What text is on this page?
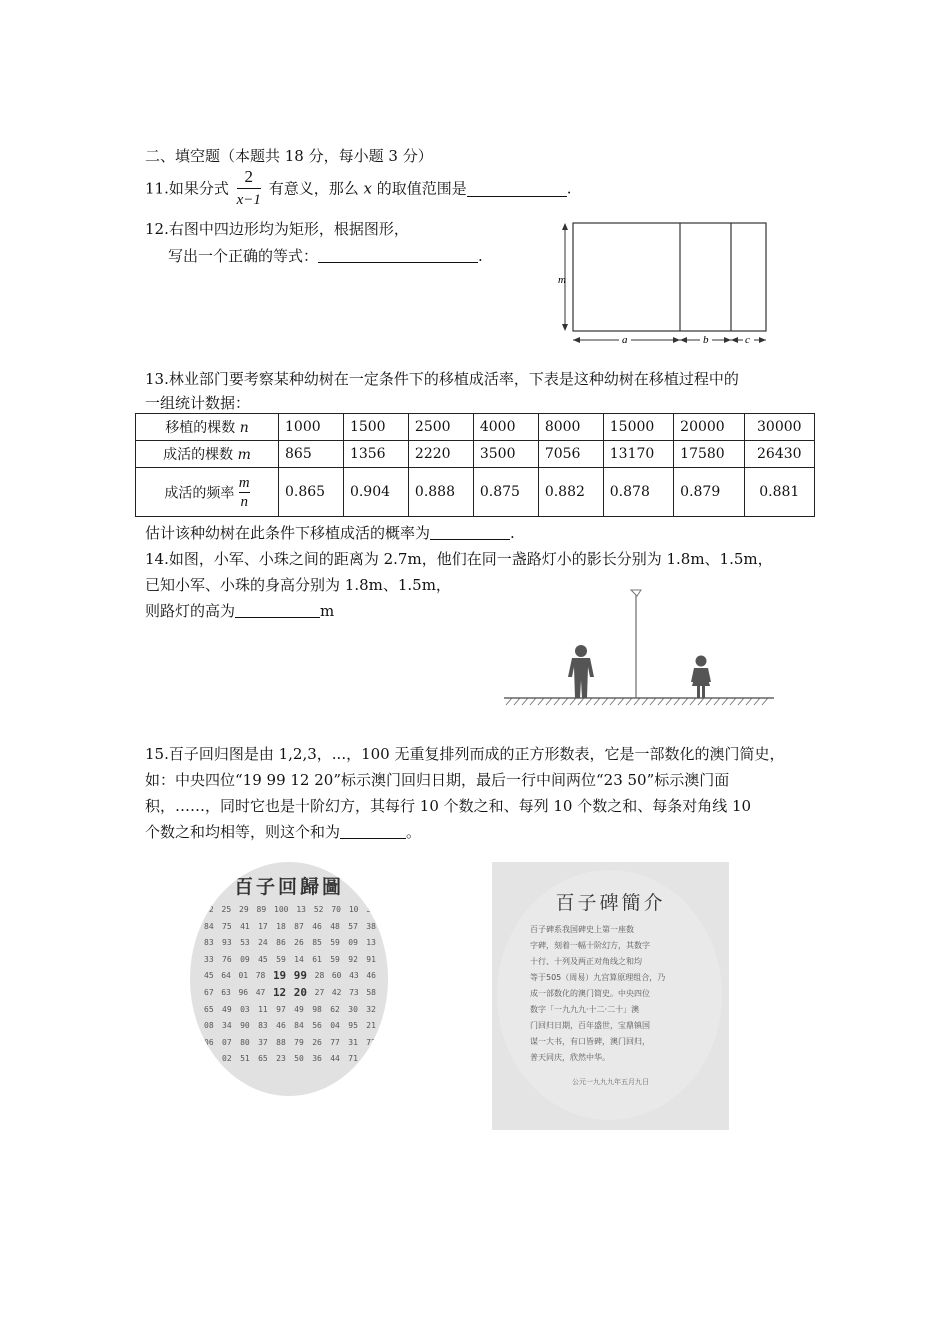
二、填空题（本题共 18 分，每小题 3 分）
11.如果分式 $\frac{2}{x-1}$ 有意义，那么 x 的取值范围是	.
12.右图中四边形均为矩形，根据图形，
写出一个正确的等式：	.
m
a	b	c
13.林业部门要考察某种幼树在一定条件下的移植成活率，下表是这种幼树在移植过程中的
一组统计数据：
移植的棵数 n	1000	1500	2500	4000	8000	15000	20000	30000
成活的棵数 m	865	1356	2220	3500	7056	13170	17580	26430
成活的频率 $\frac{m}{n}$	0.865	0.904	0.888	0.875	0.882	0.878	0.879	0.881
估计该种幼树在此条件下移植成活的概率为	.
14.如图，小军、小珠之间的距离为 2.7m，他们在同一盏路灯小的影长分别为 1.8m、1.5m，
已知小军、小珠的身高分别为 1.8m、1.5m，
则路灯的高为	m
15.百子回归图是由 1,2,3，...，100 无重复排列而成的正方形数表，它是一部数化的澳门简史，
如：中央四位“19 99 12 20”标示澳门回归日期，最后一行中间两位“23 50”标示澳门面
积，……，同时它也是十阶幻方，其每行 10 个数之和、每列 10 个数之和、每条对角线 10
个数之和均相等，则这个和为	。
百子回歸圖
82 25 29 89 100 13 52 70 10 35
84 75 41 17 18 87 46 48 57 38
83 93 53 24 86 26 85 59 09 13
33 76 09 45 59 14 61 59 92 91
45 64 01 78 19 99 28 60 43 46
67 63 96 47 12 20 27 42 73 58
65 49 03 11 97 49 98 62 30 32
08 34 90 83 46 84 56 04 95 21
06 07 80 37 88 79 26 77 31 72
94 02 51 65 23 50 36 44 71 69
百子碑簡介
百子碑系我国碑史上第一座数
字碑，刻着一幅十阶幻方，其数字
十行、十列及两正对角线之和均
等于505（周易）九宫算原理组合，乃
成一部数化的澳门简史。中央四位
数字「一九九九·十二·二十」澳
门回归日期，百年盛世，宝鼎镇国
谋一大书，有口皆碑，澳门回归，
普天同庆，欣然中华。
公元一九九九年五月九日
